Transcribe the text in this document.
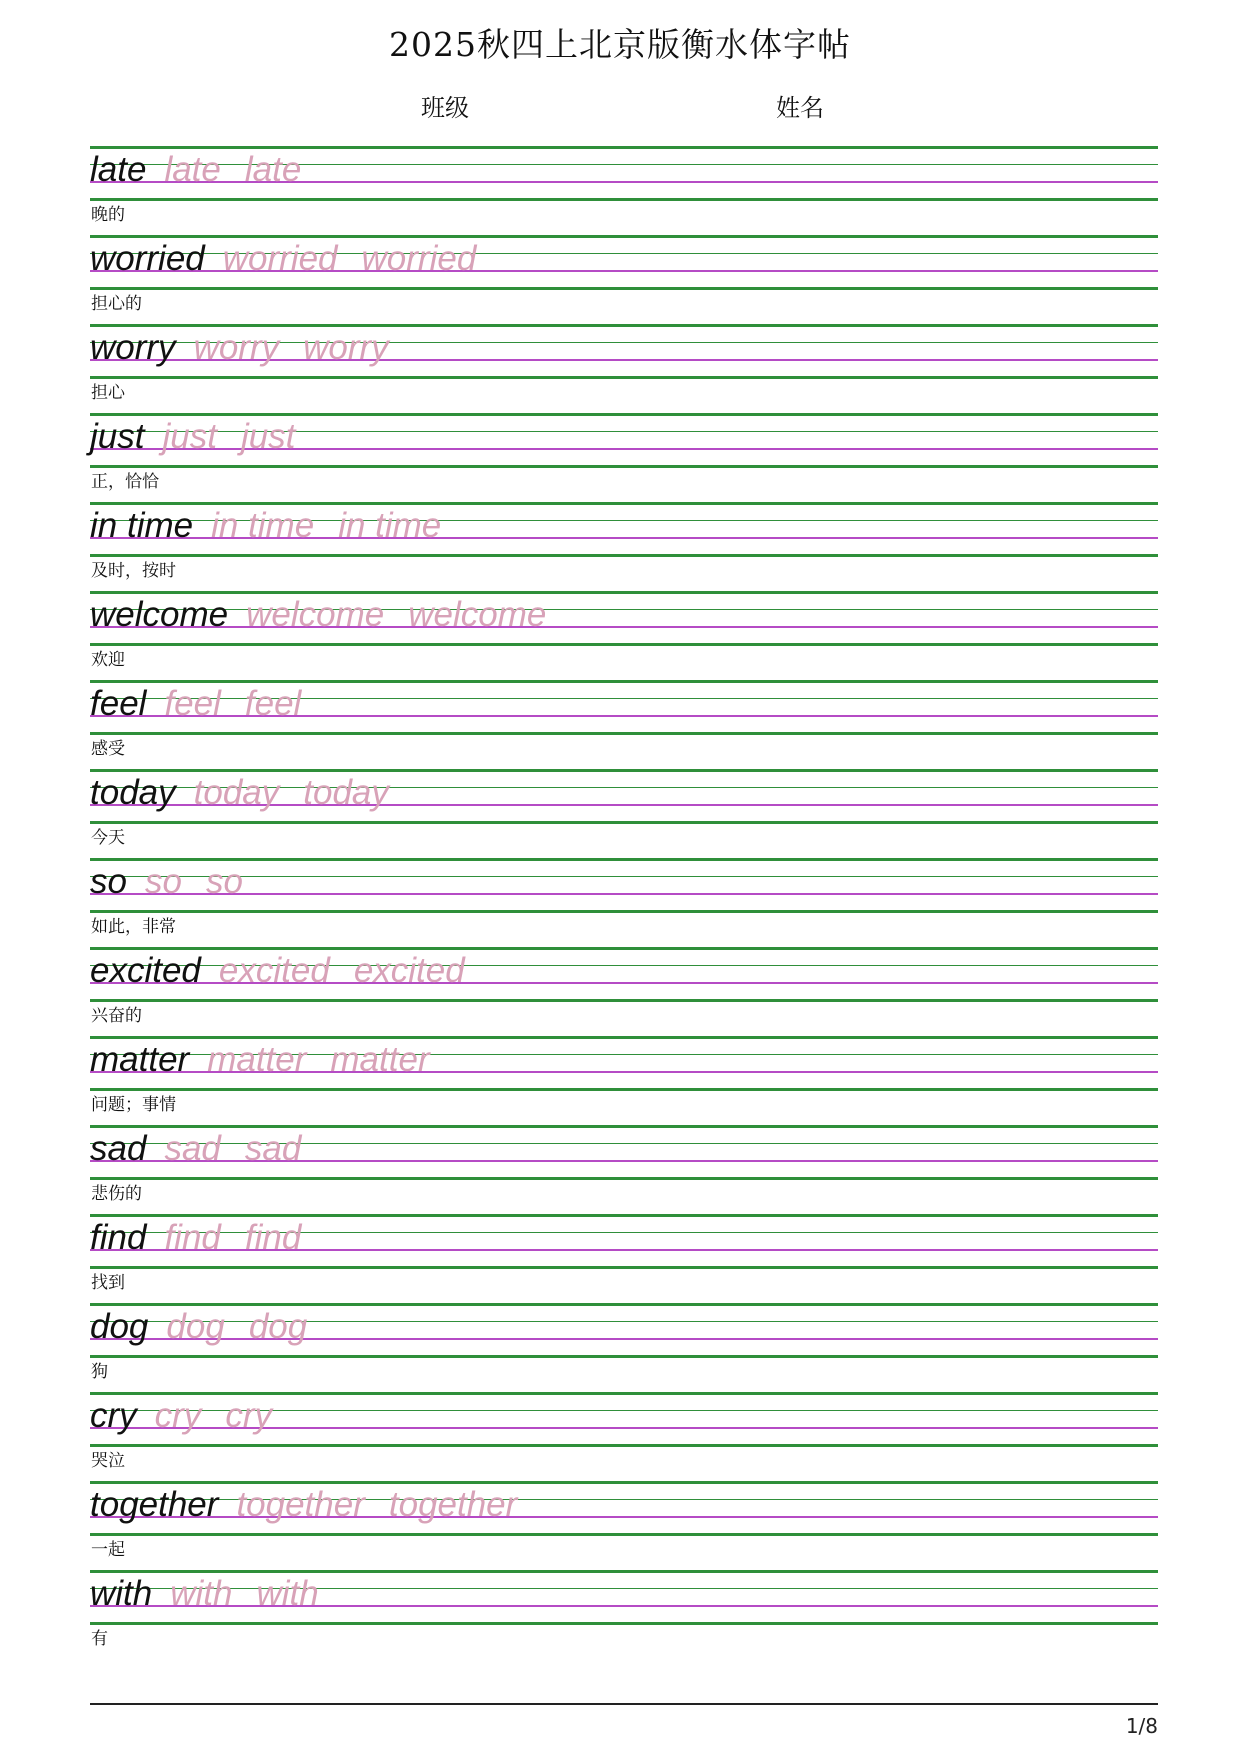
2025秋四上北京版衡水体字帖
班级	姓名
late late late
晚的
worried worried worried
担心的
worry worry worry
担心
just just just
正，恰恰
in time in time in time
及时，按时
welcome welcome welcome
欢迎
feel feel feel
感受
today today today
今天
so so so
如此，非常
excited excited excited
兴奋的
matter matter matter
问题；事情
sad sad sad
悲伤的
find find find
找到
dog dog dog
狗
cry cry cry
哭泣
together together together
一起
with with with
有
1/8
